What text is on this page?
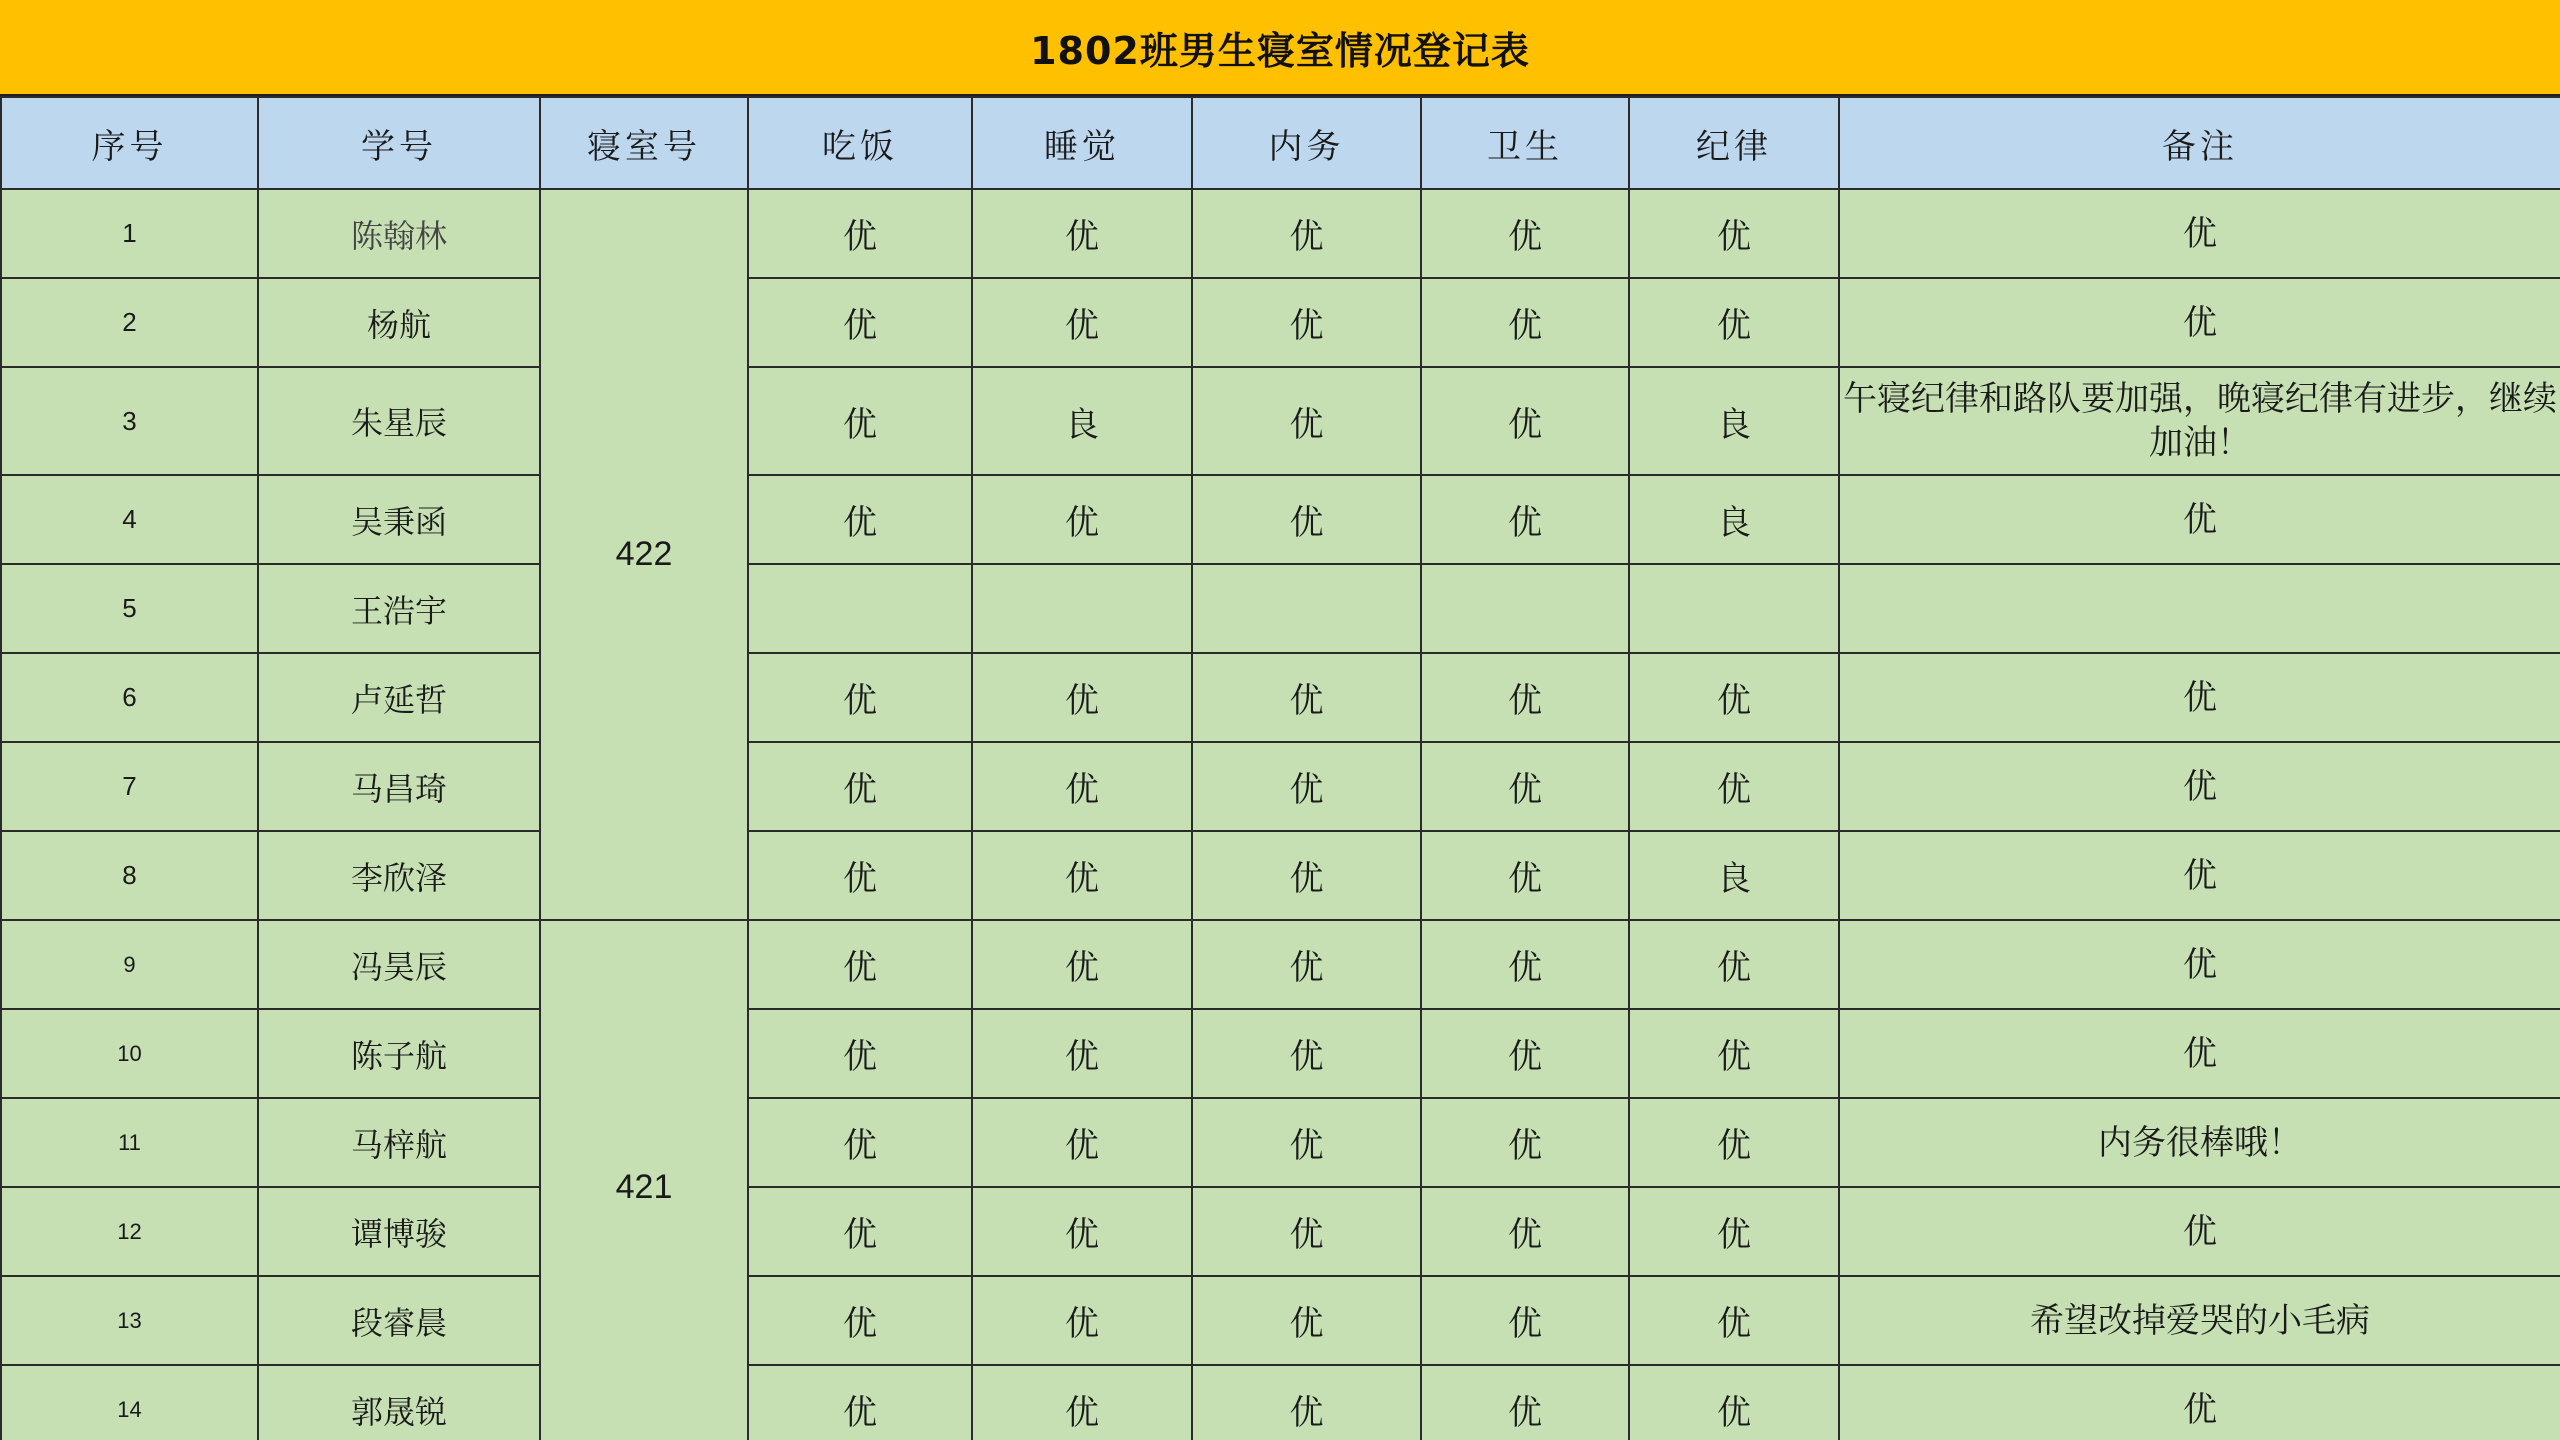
1802班男生寝室情况登记表
序号	学号	寝室号	吃饭	睡觉	内务	卫生	纪律	备注
1	陈翰林	422	优	优	优	优	优	优
2	杨航		优	优	优	优	优	优
3	朱星辰		优	良	优	优	良	午寝纪律和路队要加强，晚寝纪律有进步，继续加油！
4	吴秉函		优	优	优	优	良	优
5	王浩宇							
6	卢延哲		优	优	优	优	优	优
7	马昌琦		优	优	优	优	优	优
8	李欣泽		优	优	优	优	良	优
9	冯昊辰	421	优	优	优	优	优	优
10	陈子航		优	优	优	优	优	优
11	马梓航		优	优	优	优	优	内务很棒哦！
12	谭博骏		优	优	优	优	优	优
13	段睿晨		优	优	优	优	优	希望改掉爱哭的小毛病
14	郭晟锐		优	优	优	优	优	优
